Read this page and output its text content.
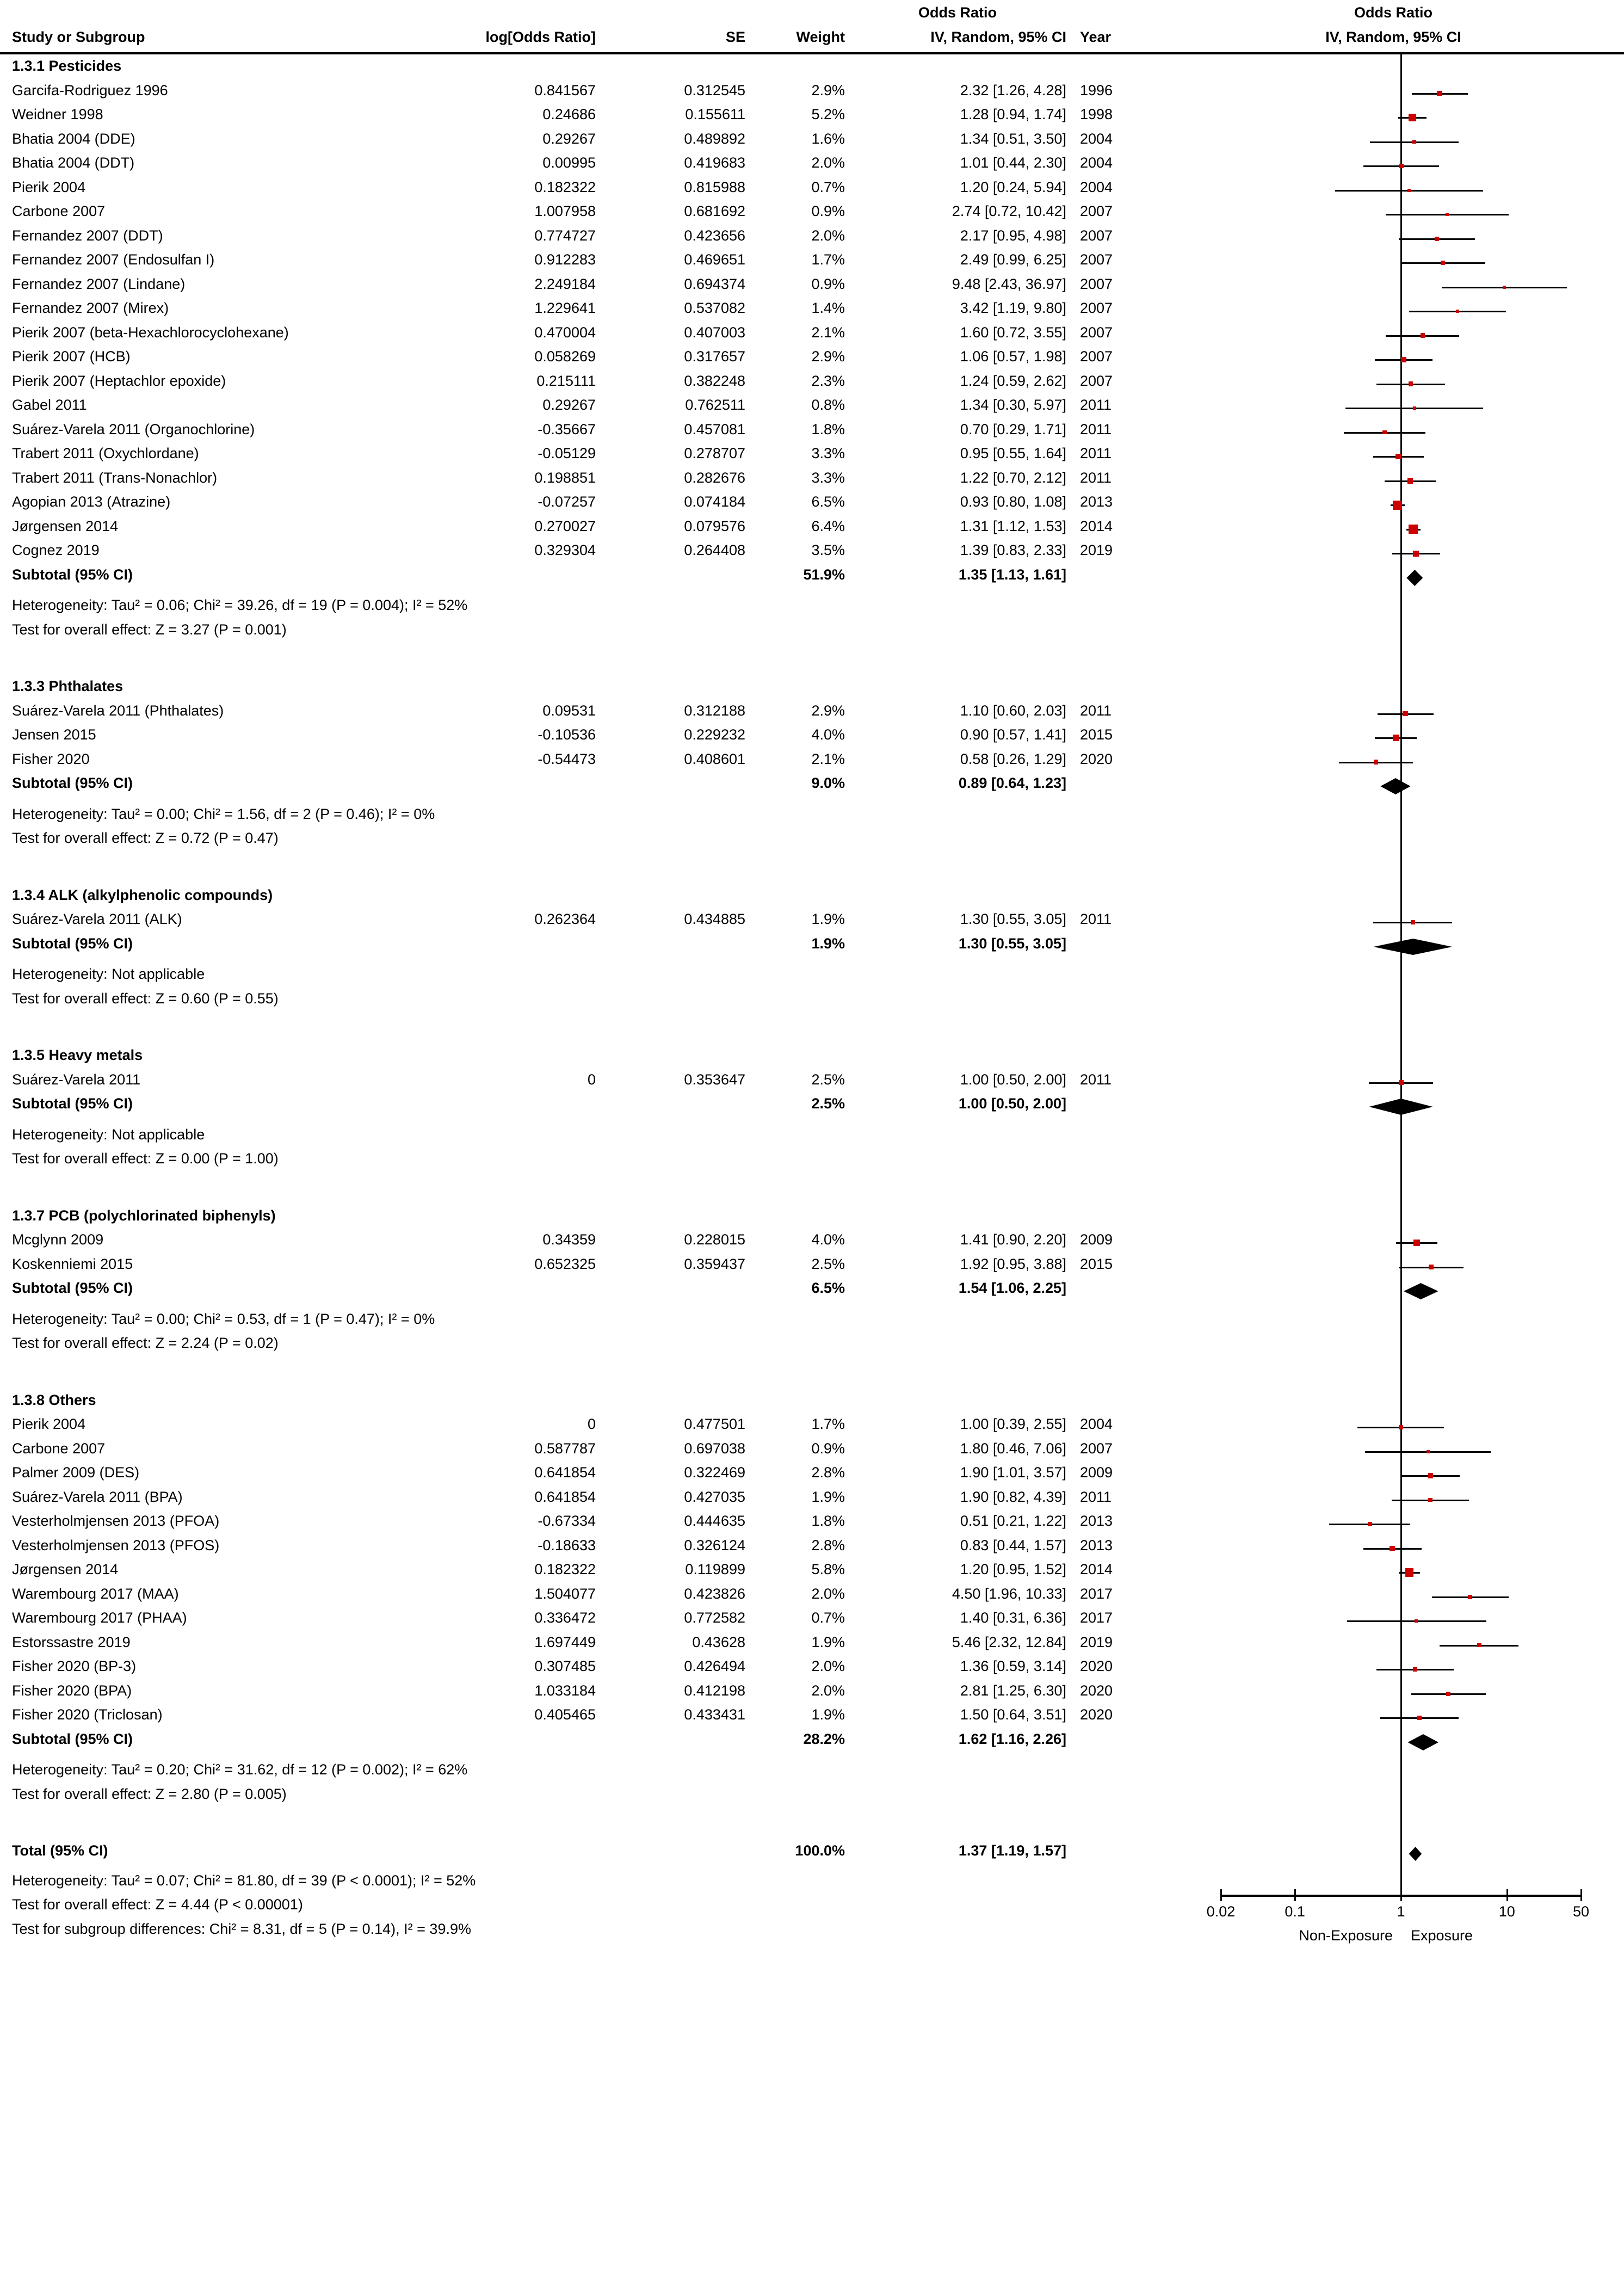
Odds Ratio	Odds Ratio
Study or Subgroup	log[Odds Ratio]	SE	Weight	IV, Random, 95% CI Year	IV, Random, 95% CI
1.3.1 Pesticides
Garcifa-Rodriguez 1996	0.841567	0.312545	2.9%	2.32 [1.26, 4.28] 1996
Weidner 1998	0.24686	0.155611	5.2%	1.28 [0.94, 1.74] 1998
Bhatia 2004 (DDE)	0.29267	0.489892	1.6%	1.34 [0.51, 3.50] 2004
Bhatia 2004 (DDT)	0.00995	0.419683	2.0%	1.01 [0.44, 2.30] 2004
Pierik 2004	0.182322	0.815988	0.7%	1.20 [0.24, 5.94] 2004
Carbone 2007	1.007958	0.681692	0.9%	2.74 [0.72, 10.42] 2007
Fernandez 2007 (DDT)	0.774727	0.423656	2.0%	2.17 [0.95, 4.98] 2007
Fernandez 2007 (Endosulfan I)	0.912283	0.469651	1.7%	2.49 [0.99, 6.25] 2007
Fernandez 2007 (Lindane)	2.249184	0.694374	0.9%	9.48 [2.43, 36.97] 2007
Fernandez 2007 (Mirex)	1.229641	0.537082	1.4%	3.42 [1.19, 9.80] 2007
Pierik 2007 (beta-Hexachlorocyclohexane)	0.470004	0.407003	2.1%	1.60 [0.72, 3.55] 2007
Pierik 2007 (HCB)	0.058269	0.317657	2.9%	1.06 [0.57, 1.98] 2007
Pierik 2007 (Heptachlor epoxide)	0.215111	0.382248	2.3%	1.24 [0.59, 2.62] 2007
Gabel 2011	0.29267	0.762511	0.8%	1.34 [0.30, 5.97] 2011
Suárez-Varela 2011 (Organochlorine)	-0.35667	0.457081	1.8%	0.70 [0.29, 1.71] 2011
Trabert 2011 (Oxychlordane)	-0.05129	0.278707	3.3%	0.95 [0.55, 1.64] 2011
Trabert 2011 (Trans-Nonachlor)	0.198851	0.282676	3.3%	1.22 [0.70, 2.12] 2011
Agopian 2013 (Atrazine)	-0.07257	0.074184	6.5%	0.93 [0.80, 1.08] 2013
Jørgensen 2014	0.270027	0.079576	6.4%	1.31 [1.12, 1.53] 2014
Cognez 2019	0.329304	0.264408	3.5%	1.39 [0.83, 2.33] 2019
Subtotal (95% CI)	51.9%	1.35 [1.13, 1.61]
Heterogeneity: Tau² = 0.06; Chi² = 39.26, df = 19 (P = 0.004); I² = 52%
Test for overall effect: Z = 3.27 (P = 0.001)
1.3.3 Phthalates
Suárez-Varela 2011 (Phthalates)	0.09531	0.312188	2.9%	1.10 [0.60, 2.03] 2011
Jensen 2015	-0.10536	0.229232	4.0%	0.90 [0.57, 1.41] 2015
Fisher 2020	-0.54473	0.408601	2.1%	0.58 [0.26, 1.29] 2020
Subtotal (95% CI)	9.0%	0.89 [0.64, 1.23]
Heterogeneity: Tau² = 0.00; Chi² = 1.56, df = 2 (P = 0.46); I² = 0%
Test for overall effect: Z = 0.72 (P = 0.47)
1.3.4 ALK (alkylphenolic compounds)
Suárez-Varela 2011 (ALK)	0.262364	0.434885	1.9%	1.30 [0.55, 3.05] 2011
Subtotal (95% CI)	1.9%	1.30 [0.55, 3.05]
Heterogeneity: Not applicable
Test for overall effect: Z = 0.60 (P = 0.55)
1.3.5 Heavy metals
Suárez-Varela 2011	0	0.353647	2.5%	1.00 [0.50, 2.00] 2011
Subtotal (95% CI)	2.5%	1.00 [0.50, 2.00]
Heterogeneity: Not applicable
Test for overall effect: Z = 0.00 (P = 1.00)
1.3.7 PCB (polychlorinated biphenyls)
Mcglynn 2009	0.34359	0.228015	4.0%	1.41 [0.90, 2.20] 2009
Koskenniemi 2015	0.652325	0.359437	2.5%	1.92 [0.95, 3.88] 2015
Subtotal (95% CI)	6.5%	1.54 [1.06, 2.25]
Heterogeneity: Tau² = 0.00; Chi² = 0.53, df = 1 (P = 0.47); I² = 0%
Test for overall effect: Z = 2.24 (P = 0.02)
1.3.8 Others
Pierik 2004	0	0.477501	1.7%	1.00 [0.39, 2.55] 2004
Carbone 2007	0.587787	0.697038	0.9%	1.80 [0.46, 7.06] 2007
Palmer 2009 (DES)	0.641854	0.322469	2.8%	1.90 [1.01, 3.57] 2009
Suárez-Varela 2011 (BPA)	0.641854	0.427035	1.9%	1.90 [0.82, 4.39] 2011
Vesterholmjensen 2013 (PFOA)	-0.67334	0.444635	1.8%	0.51 [0.21, 1.22] 2013
Vesterholmjensen 2013 (PFOS)	-0.18633	0.326124	2.8%	0.83 [0.44, 1.57] 2013
Jørgensen 2014	0.182322	0.119899	5.8%	1.20 [0.95, 1.52] 2014
Warembourg 2017 (MAA)	1.504077	0.423826	2.0%	4.50 [1.96, 10.33] 2017
Warembourg 2017 (PHAA)	0.336472	0.772582	0.7%	1.40 [0.31, 6.36] 2017
Estorssastre 2019	1.697449	0.43628	1.9%	5.46 [2.32, 12.84] 2019
Fisher 2020 (BP-3)	0.307485	0.426494	2.0%	1.36 [0.59, 3.14] 2020
Fisher 2020 (BPA)	1.033184	0.412198	2.0%	2.81 [1.25, 6.30] 2020
Fisher 2020 (Triclosan)	0.405465	0.433431	1.9%	1.50 [0.64, 3.51] 2020
Subtotal (95% CI)	28.2%	1.62 [1.16, 2.26]
Heterogeneity: Tau² = 0.20; Chi² = 31.62, df = 12 (P = 0.002); I² = 62%
Test for overall effect: Z = 2.80 (P = 0.005)
Total (95% CI)	100.0%	1.37 [1.19, 1.57]
Heterogeneity: Tau² = 0.07; Chi² = 81.80, df = 39 (P < 0.0001); I² = 52%
Test for overall effect: Z = 4.44 (P < 0.00001)
Test for subgroup differences: Chi² = 8.31, df = 5 (P = 0.14), I² = 39.9%
0.02	0.1	1	10	50
Non-Exposure Exposure
